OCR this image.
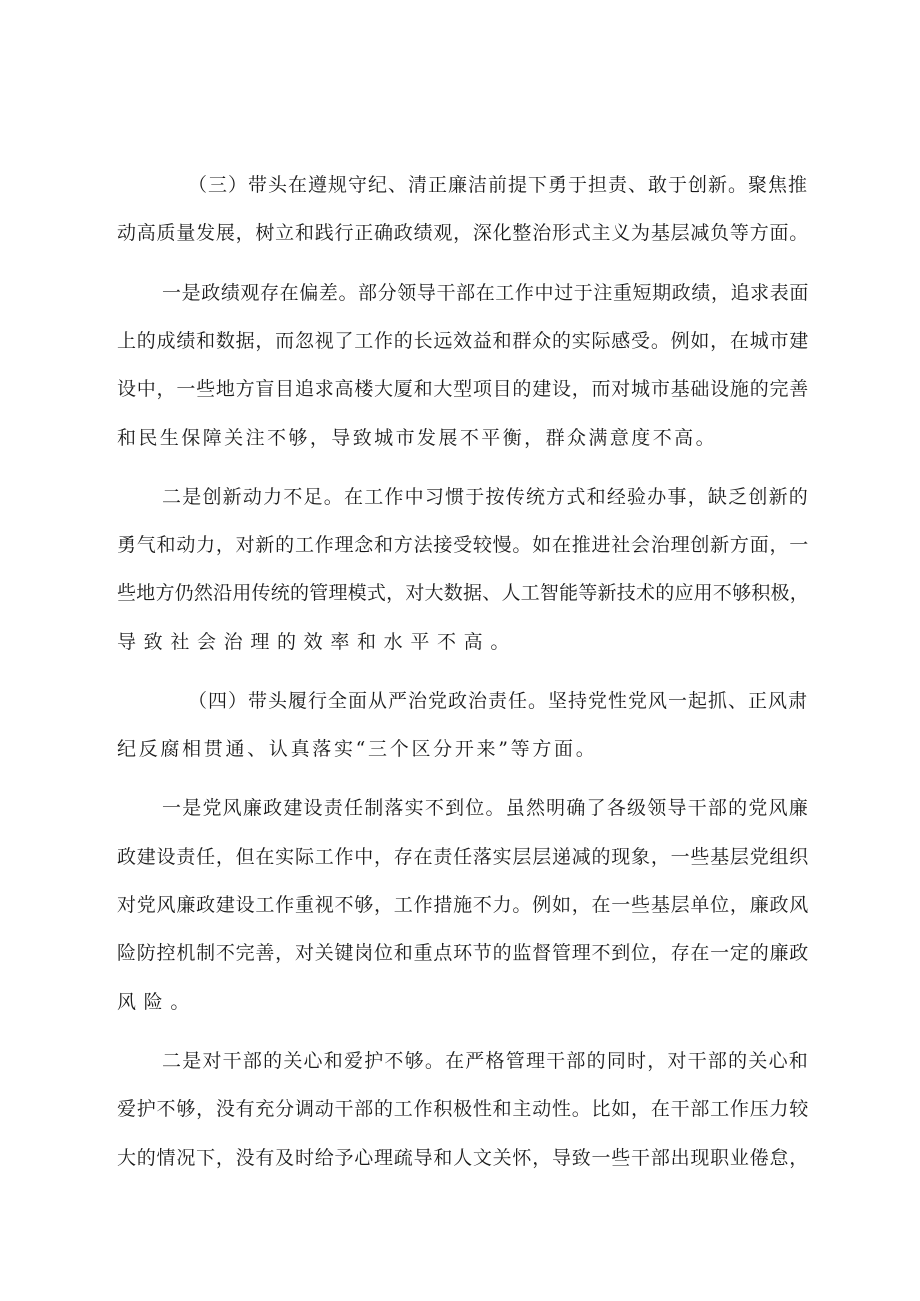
（三）带头在遵规守纪、清正廉洁前提下勇于担责、敢于创新。聚焦推
动高质量发展，树立和践行正确政绩观，深化整治形式主义为基层减负等方面。
一是政绩观存在偏差。部分领导干部在工作中过于注重短期政绩，追求表面
上的成绩和数据，而忽视了工作的长远效益和群众的实际感受。例如，在城市建
设中，一些地方盲目追求高楼大厦和大型项目的建设，而对城市基础设施的完善
和民生保障关注不够，导致城市发展不平衡，群众满意度不高。
二是创新动力不足。在工作中习惯于按传统方式和经验办事，缺乏创新的
勇气和动力，对新的工作理念和方法接受较慢。如在推进社会治理创新方面，一
些地方仍然沿用传统的管理模式，对大数据、人工智能等新技术的应用不够积极，
导致社会治理的效率和水平不高。
（四）带头履行全面从严治党政治责任。坚持党性党风一起抓、正风肃
纪反腐相贯通、认真落实“三个区分开来”等方面。
一是党风廉政建设责任制落实不到位。虽然明确了各级领导干部的党风廉
政建设责任，但在实际工作中，存在责任落实层层递减的现象，一些基层党组织
对党风廉政建设工作重视不够，工作措施不力。例如，在一些基层单位，廉政风
险防控机制不完善，对关键岗位和重点环节的监督管理不到位，存在一定的廉政
风险。
二是对干部的关心和爱护不够。在严格管理干部的同时，对干部的关心和
爱护不够，没有充分调动干部的工作积极性和主动性。比如，在干部工作压力较
大的情况下，没有及时给予心理疏导和人文关怀，导致一些干部出现职业倦怠，
